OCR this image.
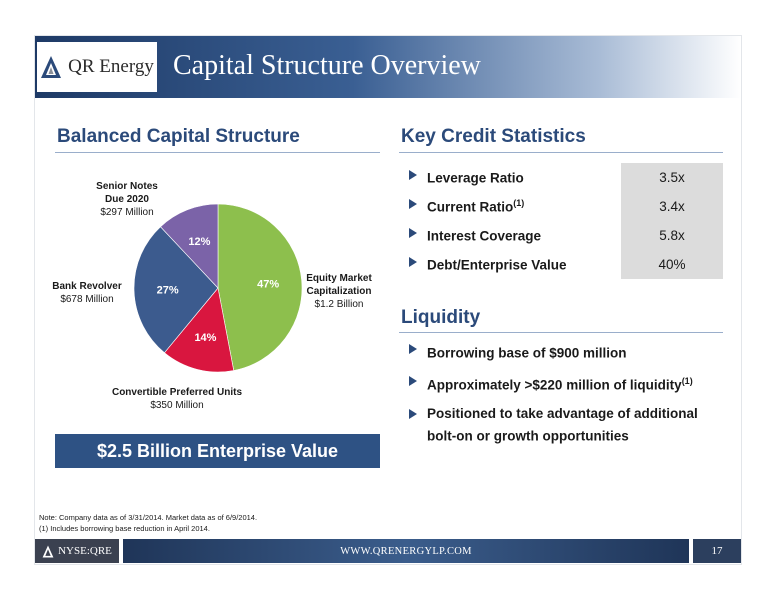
QR Energy Capital Structure Overview
Balanced Capital Structure
47%
14%
27%
12%
Senior Notes
Due 2020
$297 Million
Bank Revolver
$678 Million
Equity Market
Capitalization
$1.2 Billion
Convertible Preferred Units
$350 Million
$2.5 Billion Enterprise Value
Key Credit Statistics
Leverage Ratio	3.5x
Current Ratio$^{(1)}$	3.4x
Interest Coverage	5.8x
Debt/Enterprise Value	40%
Liquidity
Borrowing base of $900 million
Approximately >$220 million of liquidity$^{(1)}$
Positioned to take advantage of additional bolt-on or growth opportunities
Note: Company data as of 3/31/2014. Market data as of 6/9/2014.
(1) Includes borrowing base reduction in April 2014.
NYSE:QRE	WWW.QRENERGYLP.COM	17
